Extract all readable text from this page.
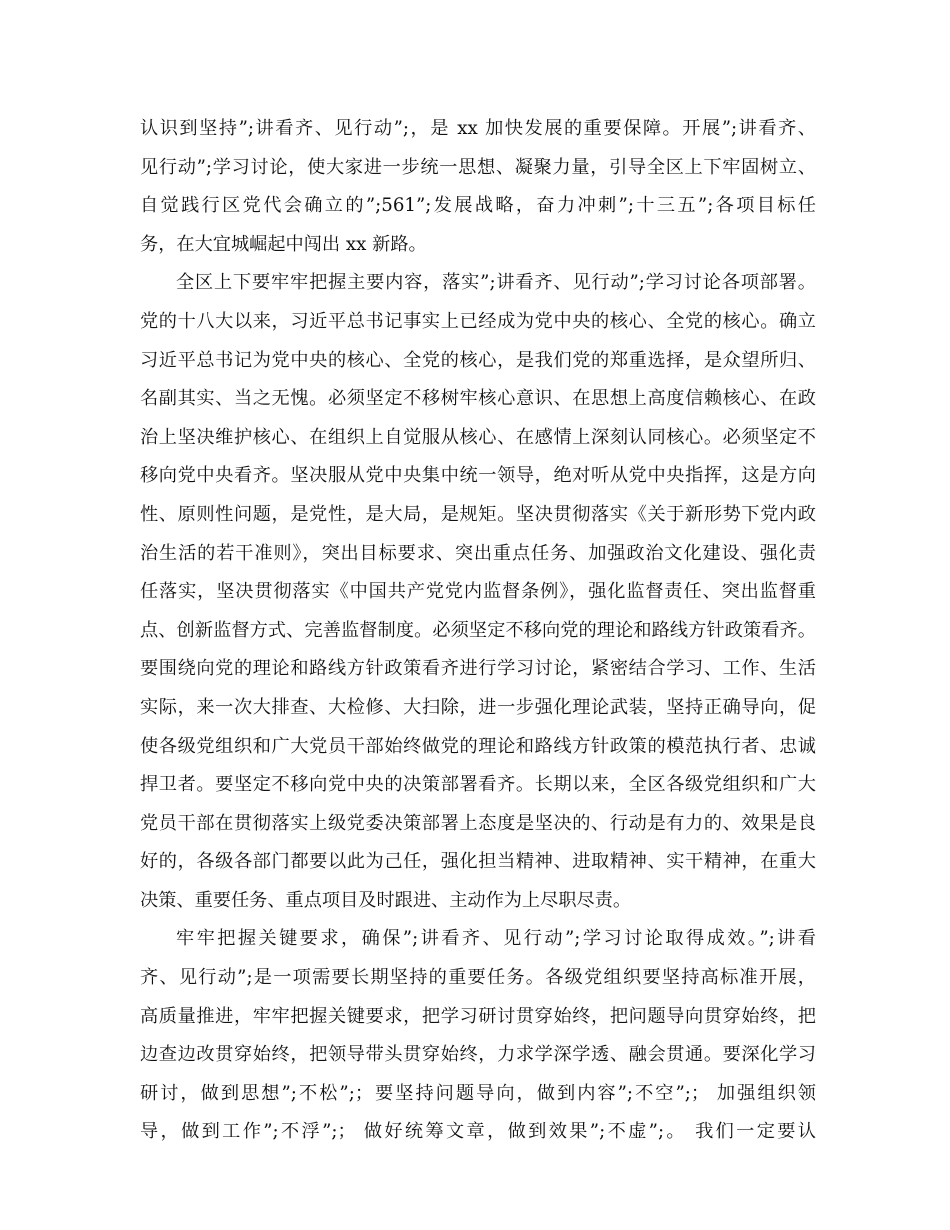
认识到坚持”;讲看齐、见行动”;，是 xx 加快发展的重要保障。开展”;讲看齐、
见行动”;学习讨论，使大家进一步统一思想、凝聚力量，引导全区上下牢固树立、
自觉践行区党代会确立的”;561”;发展战略，奋力冲刺”;十三五”;各项目标任
务，在大宜城崛起中闯出 xx 新路。
全区上下要牢牢把握主要内容，落实”;讲看齐、见行动”;学习讨论各项部署。
党的十八大以来，习近平总书记事实上已经成为党中央的核心、全党的核心。确立
习近平总书记为党中央的核心、全党的核心，是我们党的郑重选择，是众望所归、
名副其实、当之无愧。必须坚定不移树牢核心意识、在思想上高度信赖核心、在政
治上坚决维护核心、在组织上自觉服从核心、在感情上深刻认同核心。必须坚定不
移向党中央看齐。坚决服从党中央集中统一领导，绝对听从党中央指挥，这是方向
性、原则性问题，是党性，是大局，是规矩。坚决贯彻落实《关于新形势下党内政
治生活的若干准则》，突出目标要求、突出重点任务、加强政治文化建设、强化责
任落实，坚决贯彻落实《中国共产党党内监督条例》，强化监督责任、突出监督重
点、创新监督方式、完善监督制度。必须坚定不移向党的理论和路线方针政策看齐。
要围绕向党的理论和路线方针政策看齐进行学习讨论，紧密结合学习、工作、生活
实际，来一次大排查、大检修、大扫除，进一步强化理论武装，坚持正确导向，促
使各级党组织和广大党员干部始终做党的理论和路线方针政策的模范执行者、忠诚
捍卫者。要坚定不移向党中央的决策部署看齐。长期以来，全区各级党组织和广大
党员干部在贯彻落实上级党委决策部署上态度是坚决的、行动是有力的、效果是良
好的，各级各部门都要以此为己任，强化担当精神、进取精神、实干精神，在重大
决策、重要任务、重点项目及时跟进、主动作为上尽职尽责。
牢牢把握关键要求，确保”;讲看齐、见行动”;学习讨论取得成效。”;讲看
齐、见行动”;是一项需要长期坚持的重要任务。各级党组织要坚持高标准开展，
高质量推进，牢牢把握关键要求，把学习研讨贯穿始终，把问题导向贯穿始终，把
边查边改贯穿始终，把领导带头贯穿始终，力求学深学透、融会贯通。要深化学习
研讨，做到思想”;不松”;；要坚持问题导向，做到内容”;不空”;； 加强组织领
导，做到工作”;不浮”;； 做好统筹文章，做到效果”;不虚”;。 我们一定要认
